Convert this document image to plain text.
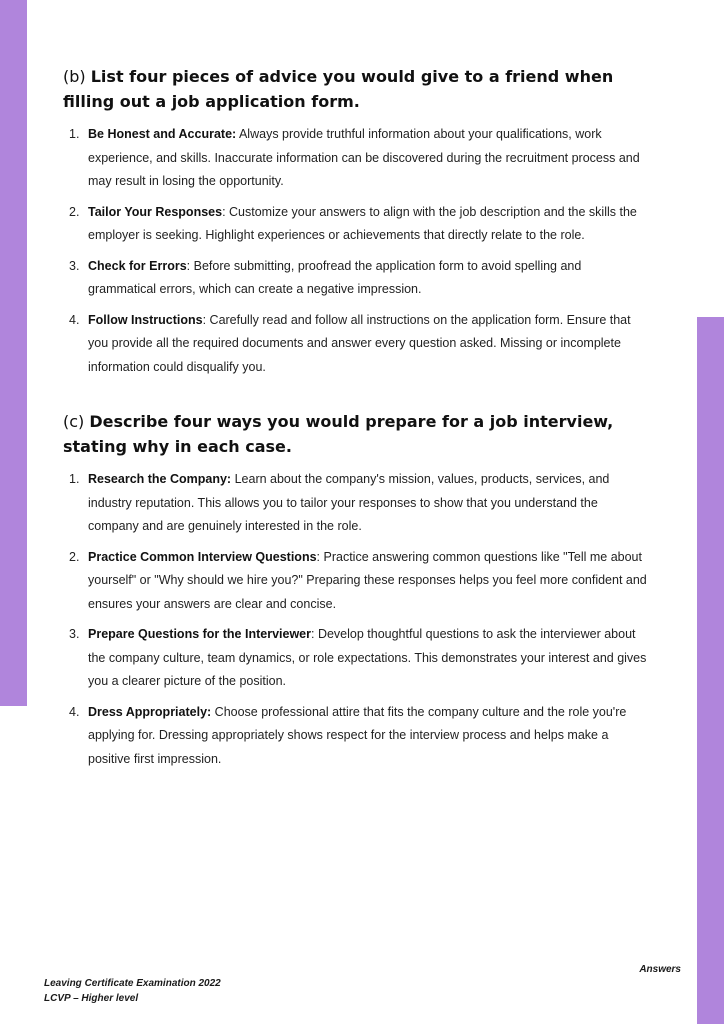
(b) List four pieces of advice you would give to a friend when filling out a job application form.
1. Be Honest and Accurate: Always provide truthful information about your qualifications, work experience, and skills. Inaccurate information can be discovered during the recruitment process and may result in losing the opportunity.
2. Tailor Your Responses: Customize your answers to align with the job description and the skills the employer is seeking. Highlight experiences or achievements that directly relate to the role.
3. Check for Errors: Before submitting, proofread the application form to avoid spelling and grammatical errors, which can create a negative impression.
4. Follow Instructions: Carefully read and follow all instructions on the application form. Ensure that you provide all the required documents and answer every question asked. Missing or incomplete information could disqualify you.
(c) Describe four ways you would prepare for a job interview, stating why in each case.
1. Research the Company: Learn about the company's mission, values, products, services, and industry reputation. This allows you to tailor your responses to show that you understand the company and are genuinely interested in the role.
2. Practice Common Interview Questions: Practice answering common questions like "Tell me about yourself" or "Why should we hire you?" Preparing these responses helps you feel more confident and ensures your answers are clear and concise.
3. Prepare Questions for the Interviewer: Develop thoughtful questions to ask the interviewer about the company culture, team dynamics, or role expectations. This demonstrates your interest and gives you a clearer picture of the position.
4. Dress Appropriately: Choose professional attire that fits the company culture and the role you're applying for. Dressing appropriately shows respect for the interview process and helps make a positive first impression.
Answers
Leaving Certificate Examination 2022
LCVP – Higher level
